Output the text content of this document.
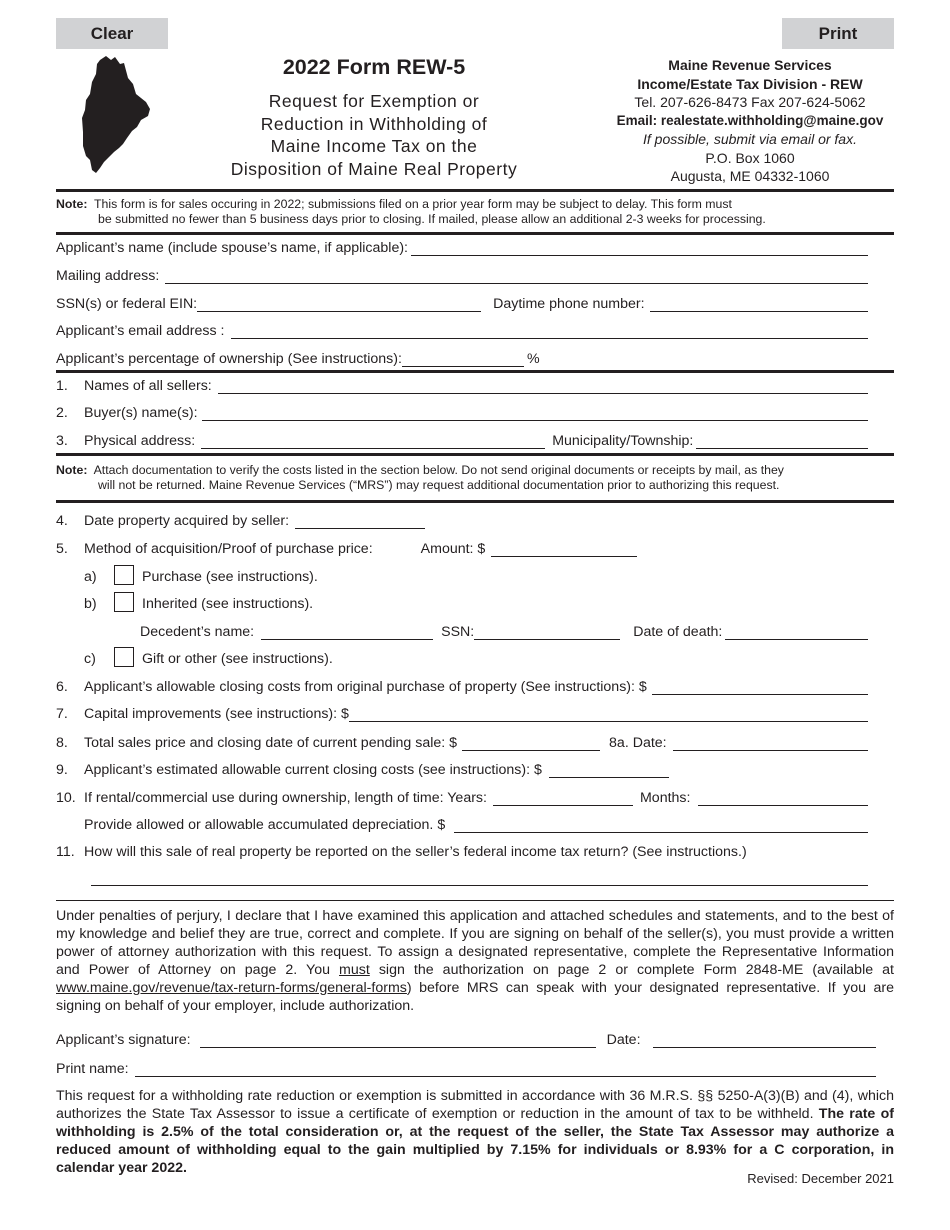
Clear	Print
2022 Form REW-5
Request for Exemption or
Reduction in Withholding of
Maine Income Tax on the
Disposition of Maine Real Property
Maine Revenue Services
Income/Estate Tax Division - REW
Tel. 207-626-8473 Fax 207-624-5062
Email: realestate.withholding@maine.gov
If possible, submit via email or fax.
P.O. Box 1060
Augusta, ME 04332-1060
Note: This form is for sales occuring in 2022; submissions filed on a prior year form may be subject to delay. This form must
be submitted no fewer than 5 business days prior to closing. If mailed, please allow an additional 2-3 weeks for processing.
Applicant’s name (include spouse’s name, if applicable):
Mailing address:
SSN(s) or federal EIN:	Daytime phone number:
Applicant’s email address :
Applicant’s percentage of ownership (See instructions):	%
1.	Names of all sellers:
2.	Buyer(s) name(s):
3.	Physical address:	Municipality/Township:
Note: Attach documentation to verify the costs listed in the section below. Do not send original documents or receipts by mail, as they
will not be returned. Maine Revenue Services (“MRS”) may request additional documentation prior to authorizing this request.
4.	Date property acquired by seller:
5.	Method of acquisition/Proof of purchase price:	Amount: $
a)	Purchase (see instructions).
b)	Inherited (see instructions).
Decedent’s name:	SSN:	Date of death:
c)	Gift or other (see instructions).
6.	Applicant’s allowable closing costs from original purchase of property (See instructions): $
7.	Capital improvements (see instructions): $
8.	Total sales price and closing date of current pending sale: $	8a. Date:
9.	Applicant’s estimated allowable current closing costs (see instructions): $
10. If rental/commercial use during ownership, length of time: Years:	Months:
Provide allowed or allowable accumulated depreciation. $
11. How will this sale of real property be reported on the seller’s federal income tax return? (See instructions.)
Under penalties of perjury, I declare that I have examined this application and attached schedules and statements, and to the best of my knowledge and belief they are true, correct and complete. If you are signing on behalf of the seller(s), you must provide a written power of attorney authorization with this request. To assign a designated representative, complete the Representative Information and Power of Attorney on page 2. You must sign the authorization on page 2 or complete Form 2848-ME (available at www.maine.gov/revenue/tax-return-forms/general-forms) before MRS can speak with your designated representative. If you are signing on behalf of your employer, include authorization.
Applicant’s signature:	Date:
Print name:
This request for a withholding rate reduction or exemption is submitted in accordance with 36 M.R.S. §§ 5250-A(3)(B) and (4), which authorizes the State Tax Assessor to issue a certificate of exemption or reduction in the amount of tax to be withheld. The rate of withholding is 2.5% of the total consideration or, at the request of the seller, the State Tax Assessor may authorize a reduced amount of withholding equal to the gain multiplied by 7.15% for individuals or 8.93% for a C corporation, in calendar year 2022.
Revised: December 2021
